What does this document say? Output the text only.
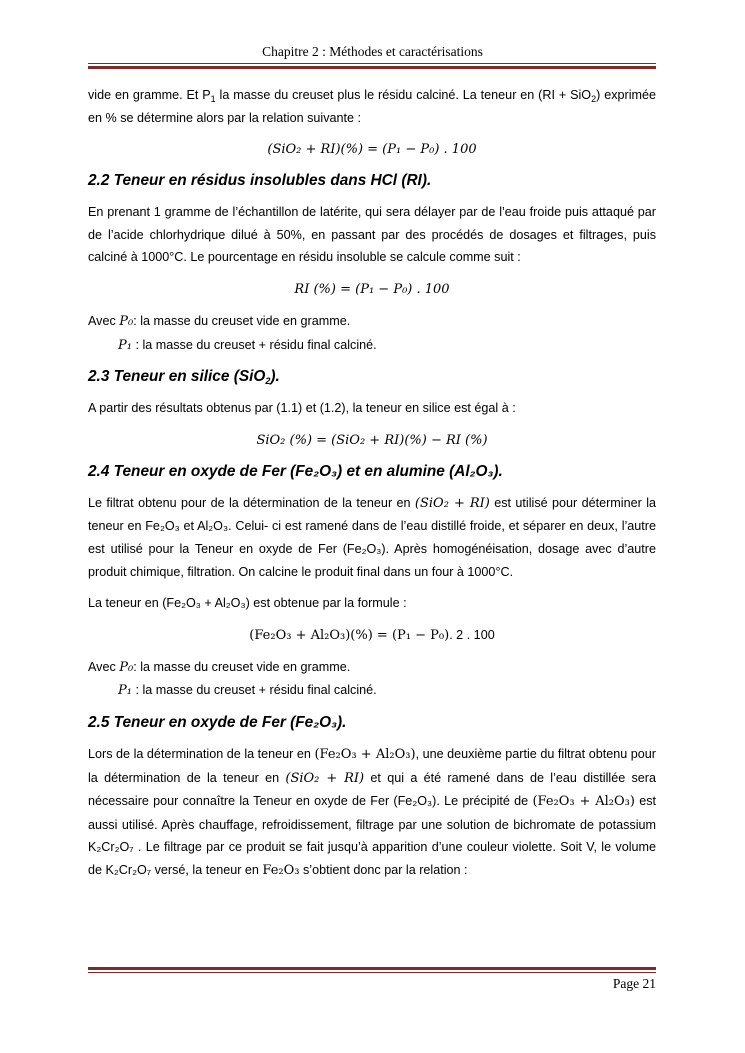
Chapitre 2 : Méthodes et caractérisations

vide en gramme. Et $P_1$ la masse du creuset plus le résidu calciné. La teneur en (RI + SiO$_2$) exprimée en % se détermine alors par la relation suivante :

(SiO₂ + RI)(%) = (P₁ − P₀) . 100
2.2 Teneur en résidus insolubles dans HCl (RI).

En prenant 1 gramme de l’échantillon de latérite, qui sera délayer par de l’eau froide puis attaqué par de l’acide chlorhydrique dilué à 50%, en passant par des procédés de dosages et filtrages, puis calciné à 1000°C. Le pourcentage en résidu insoluble se calcule comme suit :

RI (%) = (P₁ − P₀) . 100

Avec P₀: la masse du creuset vide en gramme.

P₁ : la masse du creuset + résidu final calciné.

2.3 Teneur en silice (SiO$_2$).

A partir des résultats obtenus par (1.1) et (1.2), la teneur en silice est égal à :

SiO₂ (%) = (SiO₂ + RI)(%) − RI (%)
2.4 Teneur en oxyde de Fer (Fe₂O₃) et en alumine (Al₂O₃).

Le filtrat obtenu pour de la détermination de la teneur en (SiO₂ + RI) est utilisé pour déterminer la teneur en Fe₂O₃ et Al₂O₃. Celui- ci est ramené dans de l’eau distillé froide, et séparer en deux, l’autre est utilisé pour la Teneur en oxyde de Fer (Fe₂O₃). Après homogénéisation, dosage avec d’autre produit chimique, filtration. On calcine le produit final dans un four à 1000°C.

La teneur en (Fe₂O₃ + Al₂O₃) est obtenue par la formule :

(Fe₂O₃ + Al₂O₃)(%) = (P₁ − P₀). 2 . 100

Avec P₀: la masse du creuset vide en gramme.

P₁ : la masse du creuset + résidu final calciné.

2.5 Teneur en oxyde de Fer (Fe₂O₃).

Lors de la détermination de la teneur en (Fe₂O₃ + Al₂O₃), une deuxième partie du filtrat obtenu pour la détermination de la teneur en (SiO₂ + RI) et qui a été ramené dans de l’eau distillée sera nécessaire pour connaître la Teneur en oxyde de Fer (Fe₂O₃). Le précipité de (Fe₂O₃ + Al₂O₃) est aussi utilisé. Après chauffage, refroidissement, filtrage par une solution de bichromate de potassium K₂Cr₂O₇ . Le filtrage par ce produit se fait jusqu’à apparition d’une couleur violette. Soit V, le volume de K₂Cr₂O₇ versé, la teneur en Fe₂O₃ s’obtient donc par la relation :

Page 21
